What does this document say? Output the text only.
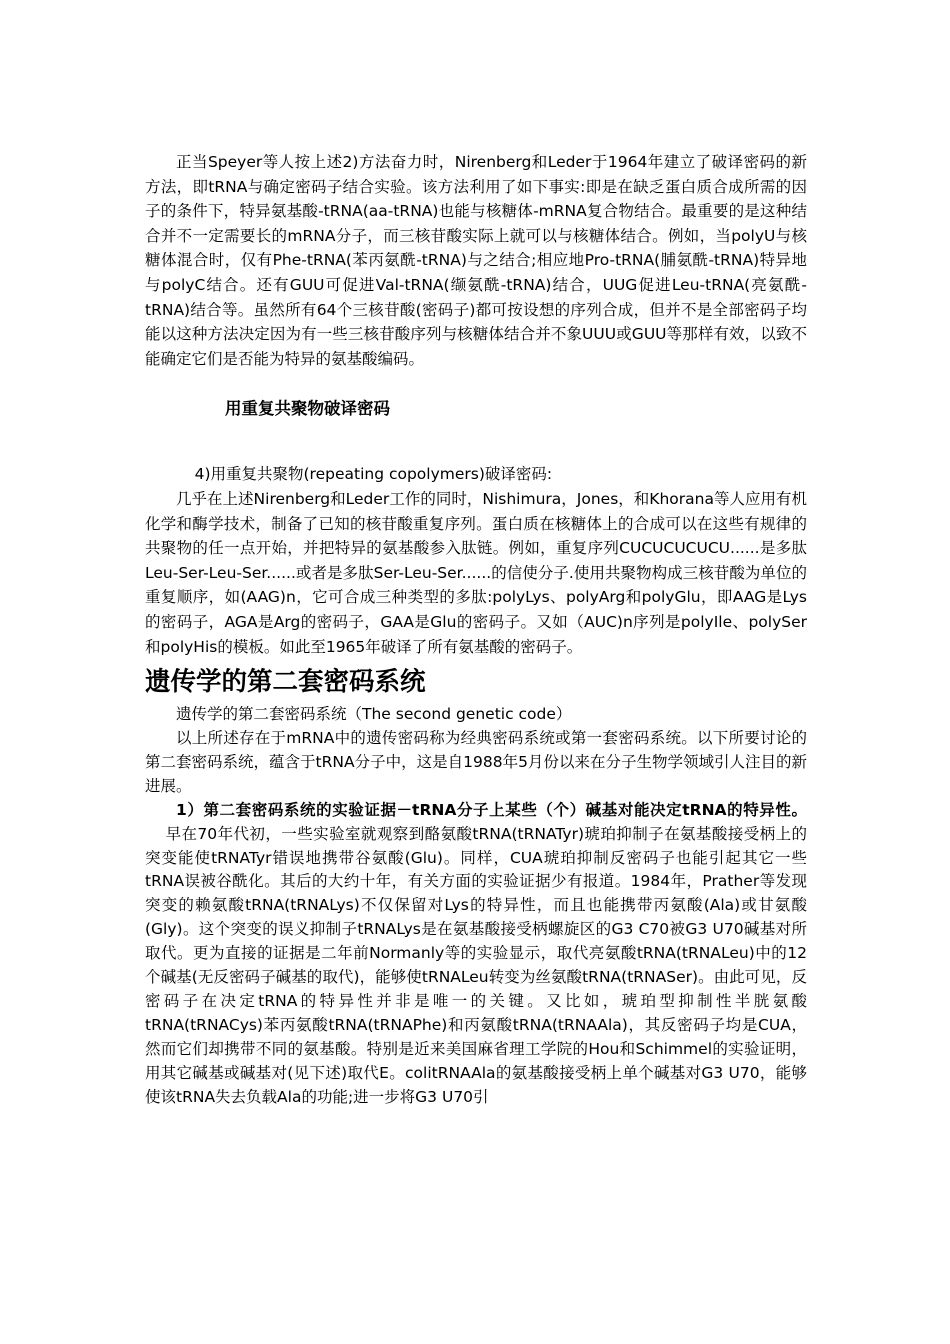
正当Speyer等人按上述2)方法奋力时，Nirenberg和Leder于1964年建立了破译密码的新方法，即tRNA与确定密码子结合实验。该方法利用了如下事实:即是在缺乏蛋白质合成所需的因子的条件下，特异氨基酸-tRNA(aa-tRNA)也能与核糖体-mRNA复合物结合。最重要的是这种结合并不一定需要长的mRNA分子，而三核苷酸实际上就可以与核糖体结合。例如，当polyU与核糖体混合时，仅有Phe-tRNA(苯丙氨酰-tRNA)与之结合;相应地Pro-tRNA(脯氨酰-tRNA)特异地与polyC结合。还有GUU可促进Val-tRNA(缬氨酰-tRNA)结合，UUG促进Leu-tRNA(亮氨酰-tRNA)结合等。虽然所有64个三核苷酸(密码子)都可按设想的序列合成，但并不是全部密码子均能以这种方法决定因为有一些三核苷酸序列与核糖体结合并不象UUU或GUU等那样有效，以致不能确定它们是否能为特异的氨基酸编码。

用重复共聚物破译密码

4)用重复共聚物(repeating copolymers)破译密码:

几乎在上述Nirenberg和Leder工作的同时，Nishimura，Jones，和Khorana等人应用有机化学和酶学技术，制备了已知的核苷酸重复序列。蛋白质在核糖体上的合成可以在这些有规律的共聚物的任一点开始，并把特异的氨基酸参入肽链。例如，重复序列CUCUCUCUCU......是多肽Leu-Ser-Leu-Ser......或者是多肽Ser-Leu-Ser......的信使分子.使用共聚物构成三核苷酸为单位的重复顺序，如(AAG)n，它可合成三种类型的多肽:polyLys、polyArg和polyGlu，即AAG是Lys的密码子，AGA是Arg的密码子，GAA是Glu的密码子。又如（AUC)n序列是polyIle、polySer和polyHis的模板。如此至1965年破译了所有氨基酸的密码子。

遗传学的第二套密码系统

遗传学的第二套密码系统（The second genetic code）

以上所述存在于mRNA中的遗传密码称为经典密码系统或第一套密码系统。以下所要讨论的第二套密码系统，蕴含于tRNA分子中，这是自1988年5月份以来在分子生物学领域引人注目的新进展。

1）第二套密码系统的实验证据－tRNA分子上某些（个）碱基对能决定tRNA的特异性。早在70年代初，一些实验室就观察到酪氨酸tRNA(tRNATyr)琥珀抑制子在氨基酸接受柄上的突变能使tRNATyr错误地携带谷氨酸(Glu)。同样，CUA琥珀抑制反密码子也能引起其它一些tRNA误被谷酰化。其后的大约十年，有关方面的实验证据少有报道。1984年，Prather等发现突变的赖氨酸tRNA(tRNALys)不仅保留对Lys的特异性，而且也能携带丙氨酸(Ala)或甘氨酸(Gly)。这个突变的误义抑制子tRNALys是在氨基酸接受柄螺旋区的G3 C70被G3 U70碱基对所取代。更为直接的证据是二年前Normanly等的实验显示，取代亮氨酸tRNA(tRNALeu)中的12个碱基(无反密码子碱基的取代)，能够使tRNALeu转变为丝氨酸tRNA(tRNASer)。由此可见，反密码子在决定tRNA的特异性并非是唯一的关键。又比如，琥珀型抑制性半胱氨酸tRNA(tRNACys)苯丙氨酸tRNA(tRNAPhe)和丙氨酸tRNA(tRNAAla)，其反密码子均是CUA，然而它们却携带不同的氨基酸。特别是近来美国麻省理工学院的Hou和Schimmel的实验证明，用其它碱基或碱基对(见下述)取代E。colitRNAAla的氨基酸接受柄上单个碱基对G3 U70，能够使该tRNA失去负载Ala的功能;进一步将G3 U70引
